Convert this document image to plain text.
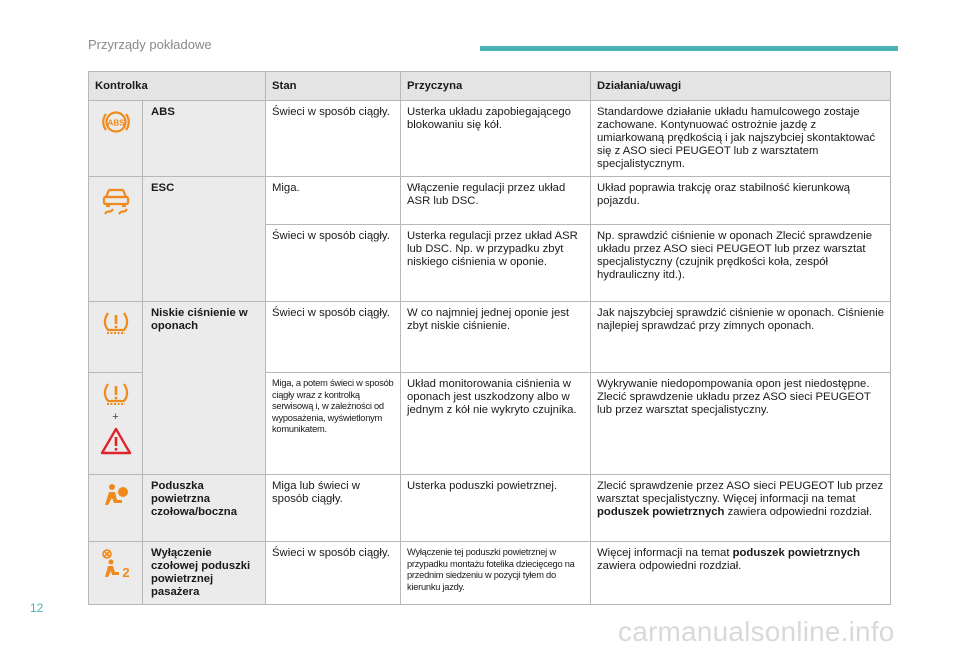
Przyrządy pokładowe
Kontrolka		Stan	Przyczyna	Działania/uwagi

ABS	ABS	Świeci w sposób ciągły.	Usterka układu zapobiegającego blokowaniu się kół.	Standardowe działanie układu hamulcowego zostaje zachowane. Kontynuować ostrożnie jazdę z umiarkowaną prędkością i jak najszybciej skontaktować się z ASO sieci PEUGEOT lub z warsztatem specjalistycznym.

	ESC	Miga.	Włączenie regulacji przez układ ASR lub DSC.	Układ poprawia trakcję oraz stabilność kierunkową pojazdu.
		Świeci w sposób ciągły.	Usterka regulacji przez układ ASR lub DSC. Np. w przypadku zbyt niskiego ciśnienia w oponie.	Np. sprawdzić ciśnienie w oponach Zlecić sprawdzenie układu przez ASO sieci PEUGEOT lub przez warsztat specjalistyczny (czujnik prędkości koła, zespół hydrauliczny itd.).

	Niskie ciśnienie w oponach	Świeci w sposób ciągły.	W co najmniej jednej oponie jest zbyt niskie ciśnienie.	Jak najszybciej sprawdzić ciśnienie w oponach. Ciśnienie najlepiej sprawdzać przy zimnych oponach.

+		Miga, a potem świeci w sposób ciągły wraz z kontrolką serwisową i, w zależności od wyposażenia, wyświetlonym komunikatem.	Układ monitorowania ciśnienia w oponach jest uszkodzony albo w jednym z kół nie wykryto czujnika.	Wykrywanie niedopompowania opon jest niedostępne. Zlecić sprawdzenie układu przez ASO sieci PEUGEOT lub przez warsztat specjalistyczny.

	Poduszka powietrzna czołowa/boczna	Miga lub świeci w sposób ciągły.	Usterka poduszki powietrznej.	Zlecić sprawdzenie przez ASO sieci PEUGEOT lub przez warsztat specjalistyczny. Więcej informacji na temat poduszek powietrznych zawiera odpowiedni rozdział.

2	Wyłączenie czołowej poduszki powietrznej pasażera	Świeci w sposób ciągły.	Wyłączenie tej poduszki powietrznej w przypadku montażu fotelika dziecięcego na przednim siedzeniu w pozycji tyłem do kierunku jazdy.	Więcej informacji na temat poduszek powietrznych zawiera odpowiedni rozdział.
12
carmanualsonline.info
